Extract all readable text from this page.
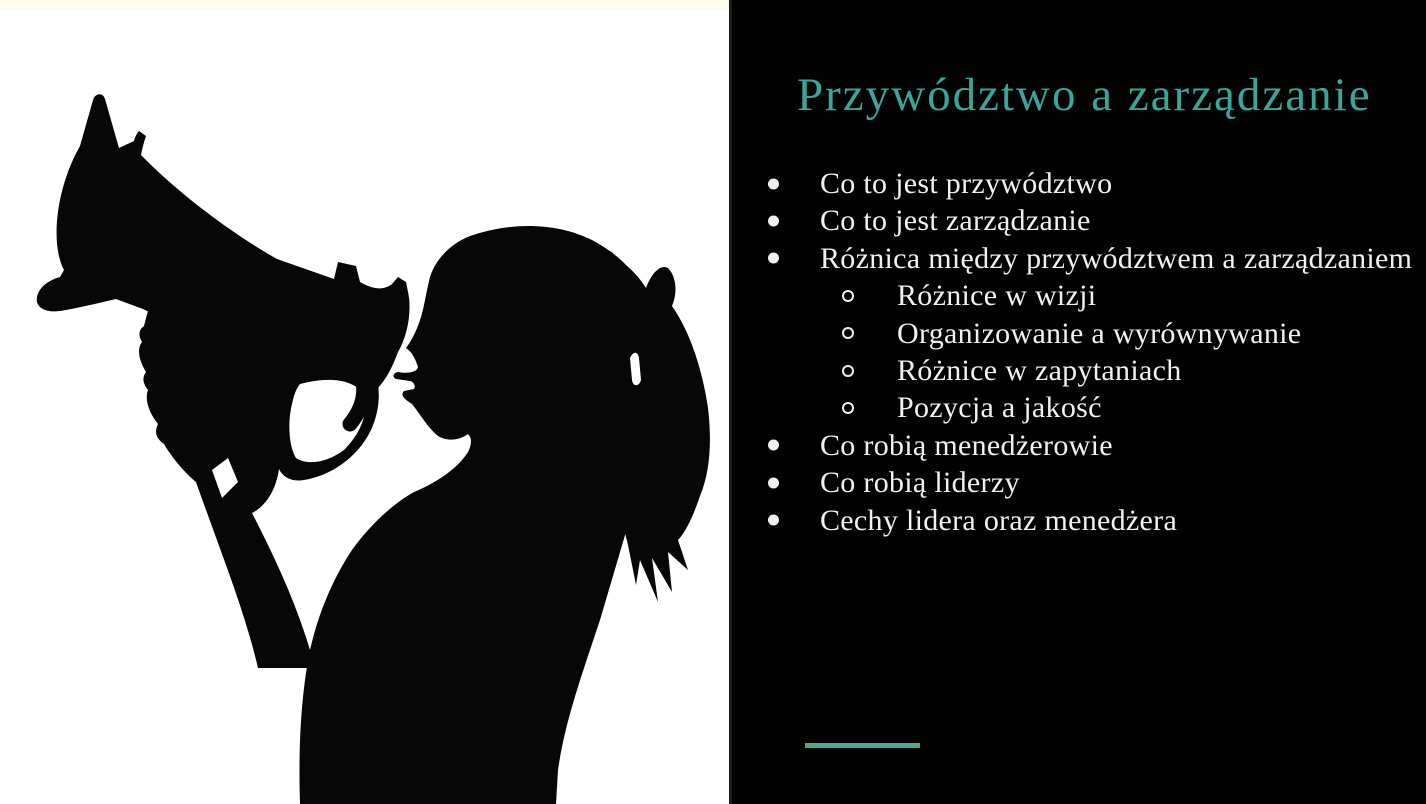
Przywództwo a zarządzanie
Co to jest przywództwo
Co to jest zarządzanie
Różnica między przywództwem a zarządzaniem
Różnice w wizji
Organizowanie a wyrównywanie
Różnice w zapytaniach
Pozycja a jakość
Co robią menedżerowie
Co robią liderzy
Cechy lidera oraz menedżera
